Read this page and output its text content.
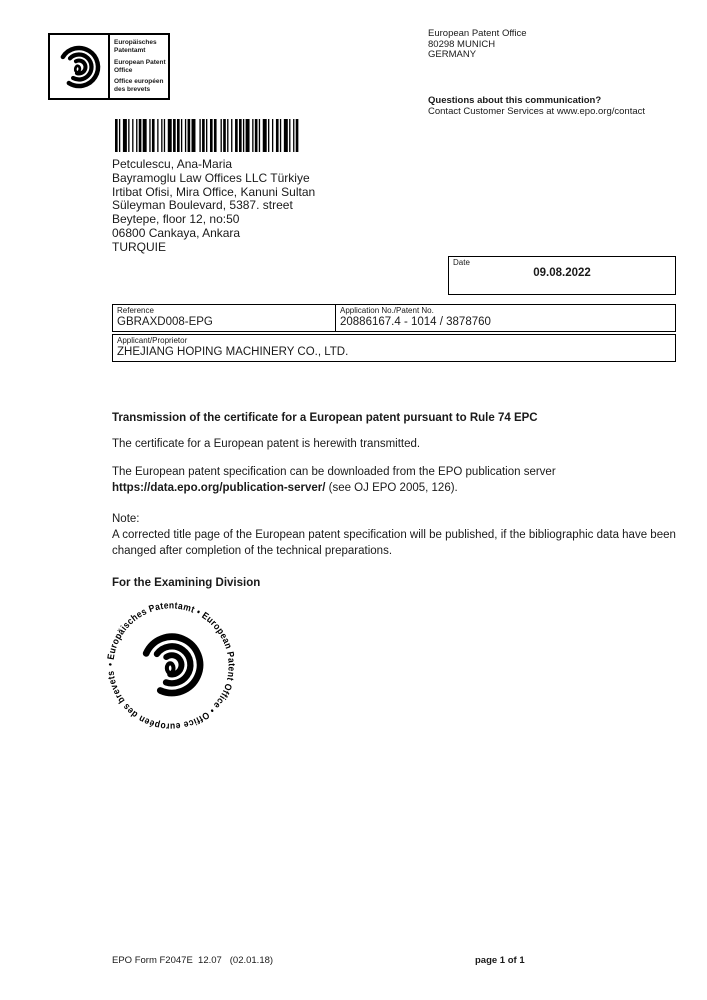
Europäisches Patentamt
European Patent Office
Office européen des brevets
European Patent Office
80298 MUNICH
GERMANY
Questions about this communication?
Contact Customer Services at www.epo.org/contact
Petculescu, Ana-Maria
Bayramoglu Law Offices LLC Türkiye
Irtibat Ofisi, Mira Office, Kanuni Sultan
Süleyman Boulevard, 5387. street
Beytepe, floor 12, no:50
06800 Cankaya, Ankara
TURQUIE
Date
09.08.2022
Reference
GBRAXD008-EPG
Application No./Patent No.
20886167.4 - 1014 / 3878760
Applicant/Proprietor
ZHEJIANG HOPING MACHINERY CO., LTD.
Transmission of the certificate for a European patent pursuant to Rule 74 EPC
The certificate for a European patent is herewith transmitted.
The European patent specification can be downloaded from the EPO publication server
https://data.epo.org/publication-server/ (see OJ EPO 2005, 126).
Note:
A corrected title page of the European patent specification will be published, if the bibliographic data have been changed after completion of the technical preparations.
For the Examining Division
• Europäisches Patentamt • European Patent Office • Office européen des brevets
EPO Form F2047E  12.07   (02.01.18)	page 1 of 1
